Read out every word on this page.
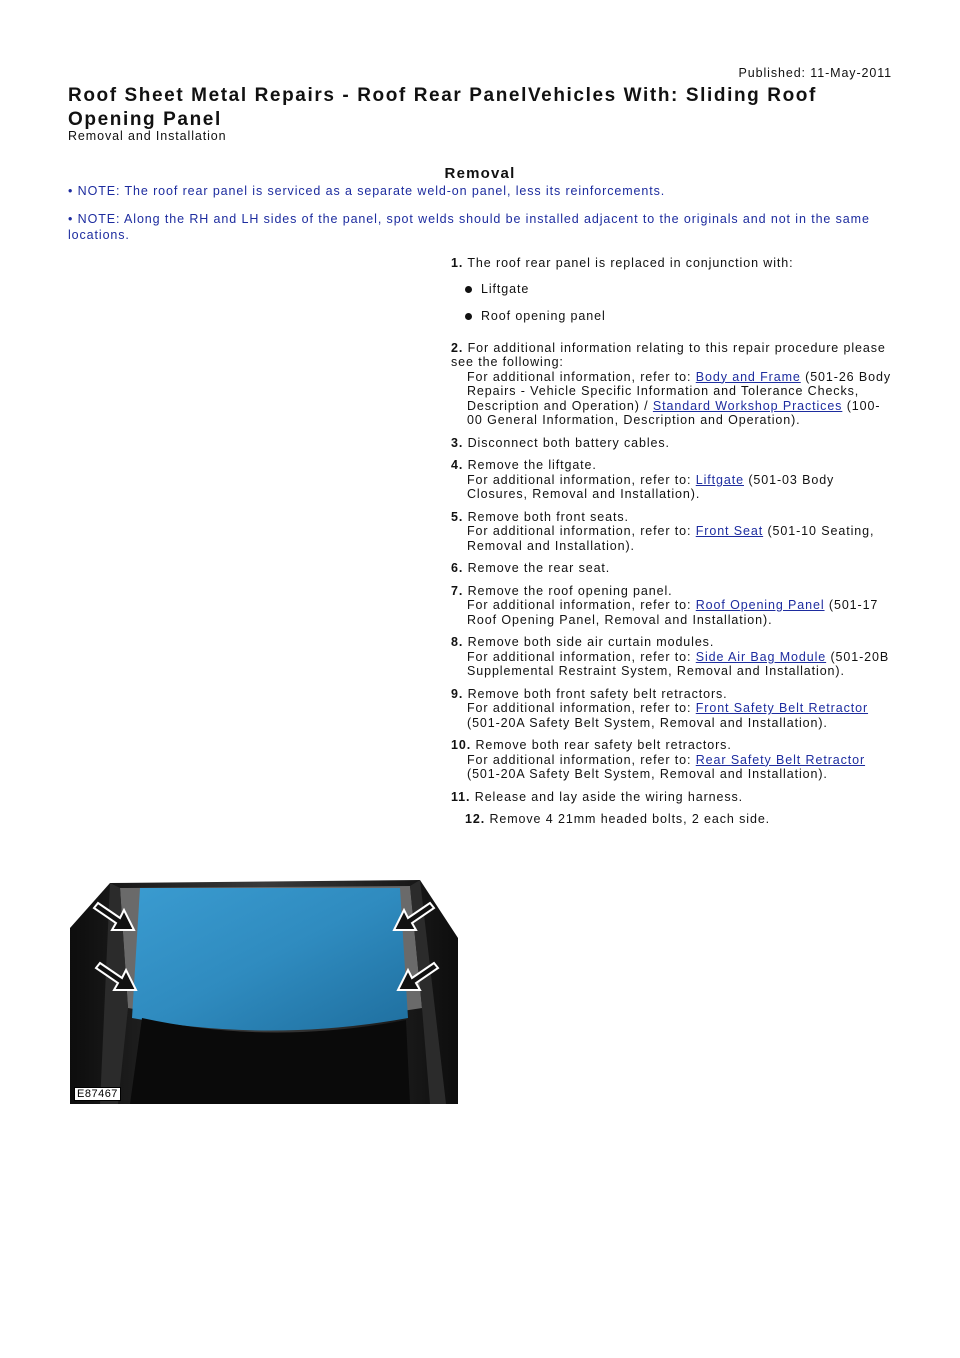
Published: 11-May-2011
Roof Sheet Metal Repairs - Roof Rear PanelVehicles With: Sliding Roof Opening Panel
Removal and Installation
Removal
• NOTE: The roof rear panel is serviced as a separate weld-on panel, less its reinforcements.
• NOTE: Along the RH and LH sides of the panel, spot welds should be installed adjacent to the originals and not in the same locations.
1. The roof rear panel is replaced in conjunction with:
Liftgate
Roof opening panel
2. For additional information relating to this repair procedure please see the following:
For additional information, refer to: Body and Frame (501-26 Body Repairs - Vehicle Specific Information and Tolerance Checks, Description and Operation) / Standard Workshop Practices (100-00 General Information, Description and Operation).
3. Disconnect both battery cables.
4. Remove the liftgate.
For additional information, refer to: Liftgate (501-03 Body Closures, Removal and Installation).
5. Remove both front seats.
For additional information, refer to: Front Seat (501-10 Seating, Removal and Installation).
6. Remove the rear seat.
7. Remove the roof opening panel.
For additional information, refer to: Roof Opening Panel (501-17 Roof Opening Panel, Removal and Installation).
8. Remove both side air curtain modules.
For additional information, refer to: Side Air Bag Module (501-20B Supplemental Restraint System, Removal and Installation).
9. Remove both front safety belt retractors.
For additional information, refer to: Front Safety Belt Retractor (501-20A Safety Belt System, Removal and Installation).
10. Remove both rear safety belt retractors.
For additional information, refer to: Rear Safety Belt Retractor (501-20A Safety Belt System, Removal and Installation).
11. Release and lay aside the wiring harness.
12. Remove 4 21mm headed bolts, 2 each side.
E87467
